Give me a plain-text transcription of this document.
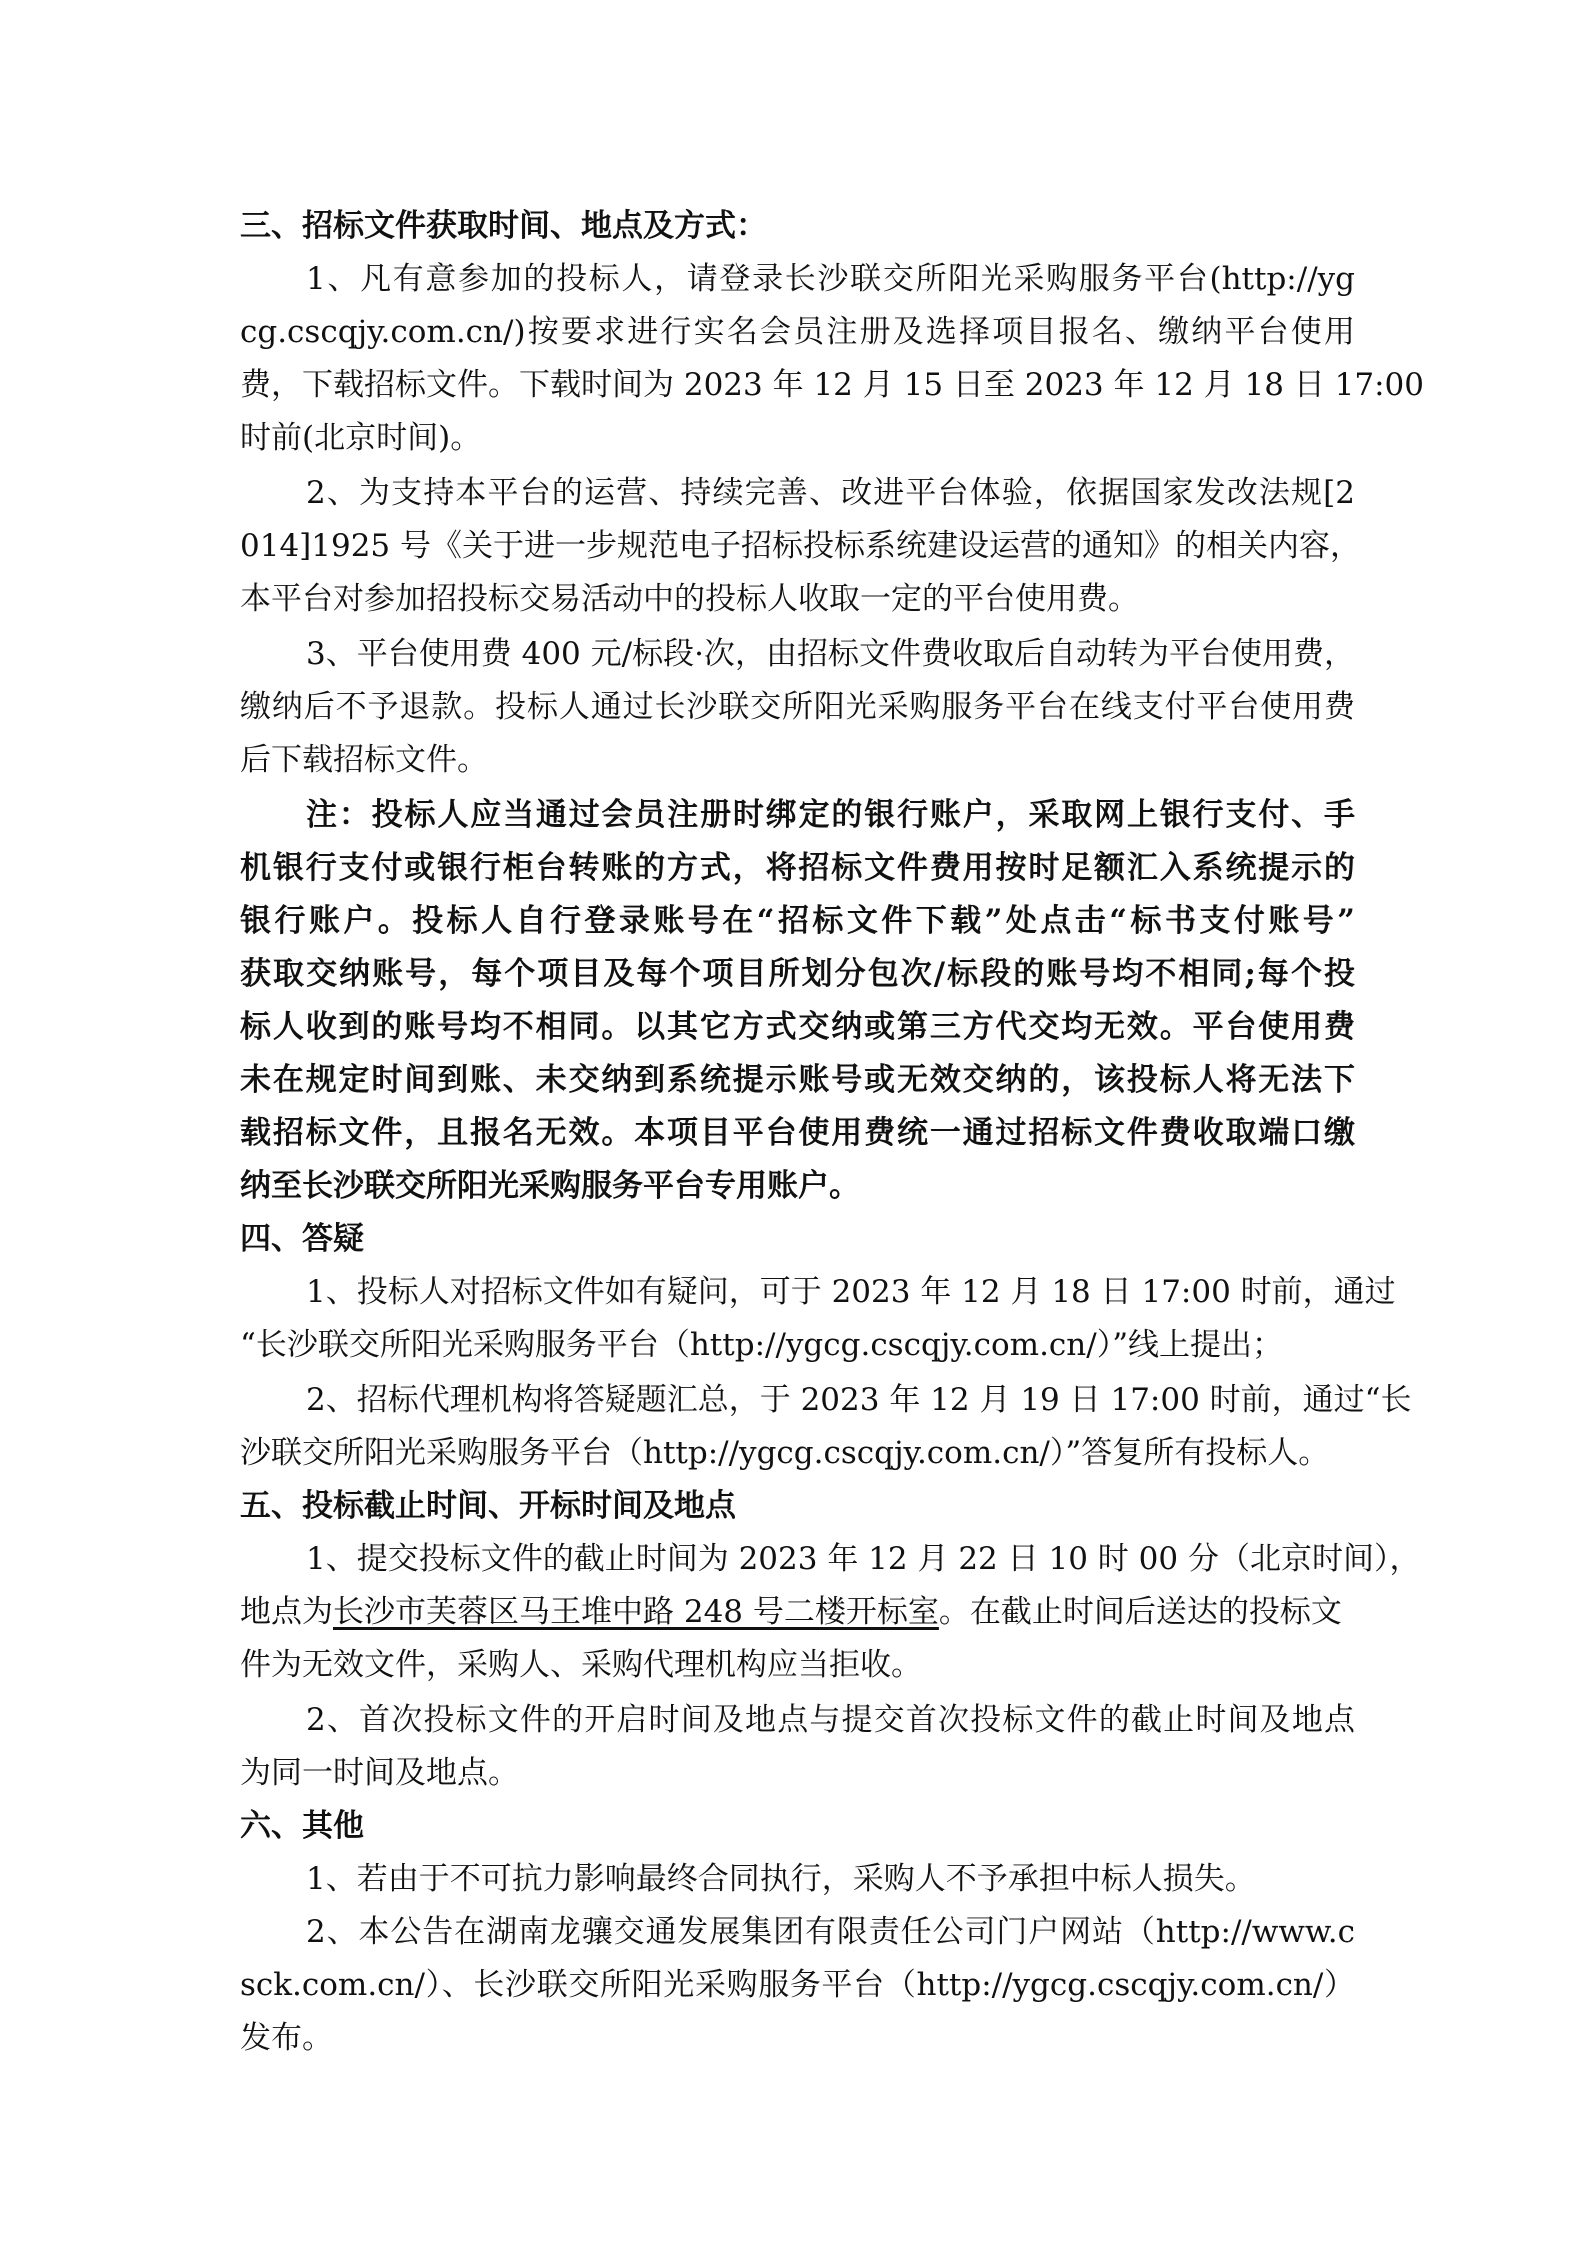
三、招标文件获取时间、地点及方式：
1、凡有意参加的投标人，请登录长沙联交所阳光采购服务平台(http://yg
cg.cscqjy.com.cn/)按要求进行实名会员注册及选择项目报名、缴纳平台使用
费，下载招标文件。下载时间为 2023 年 12 月 15 日至 2023 年 12 月 18 日 17:00
时前(北京时间)。
2、为支持本平台的运营、持续完善、改进平台体验，依据国家发改法规[2
014]1925 号《关于进一步规范电子招标投标系统建设运营的通知》的相关内容，
本平台对参加招投标交易活动中的投标人收取一定的平台使用费。
3、平台使用费 400 元/标段·次，由招标文件费收取后自动转为平台使用费，
缴纳后不予退款。投标人通过长沙联交所阳光采购服务平台在线支付平台使用费
后下载招标文件。
注：投标人应当通过会员注册时绑定的银行账户，采取网上银行支付、手
机银行支付或银行柜台转账的方式，将招标文件费用按时足额汇入系统提示的
银行账户。投标人自行登录账号在“招标文件下载”处点击“标书支付账号”
获取交纳账号，每个项目及每个项目所划分包次/标段的账号均不相同;每个投
标人收到的账号均不相同。以其它方式交纳或第三方代交均无效。平台使用费
未在规定时间到账、未交纳到系统提示账号或无效交纳的，该投标人将无法下
载招标文件，且报名无效。本项目平台使用费统一通过招标文件费收取端口缴
纳至长沙联交所阳光采购服务平台专用账户。
四、答疑
1、投标人对招标文件如有疑问，可于 2023 年 12 月 18 日 17:00 时前，通过
“长沙联交所阳光采购服务平台（http://ygcg.cscqjy.com.cn/）”线上提出；
2、招标代理机构将答疑题汇总，于 2023 年 12 月 19 日 17:00 时前，通过“长
沙联交所阳光采购服务平台（http://ygcg.cscqjy.com.cn/）”答复所有投标人。
五、投标截止时间、开标时间及地点
1、提交投标文件的截止时间为 2023 年 12 月 22 日 10 时 00 分（北京时间），
地点为长沙市芙蓉区马王堆中路 248 号二楼开标室。在截止时间后送达的投标文
件为无效文件，采购人、采购代理机构应当拒收。
2、首次投标文件的开启时间及地点与提交首次投标文件的截止时间及地点
为同一时间及地点。
六、其他
1、若由于不可抗力影响最终合同执行，采购人不予承担中标人损失。
2、本公告在湖南龙骧交通发展集团有限责任公司门户网站（http://www.c
sck.com.cn/）、长沙联交所阳光采购服务平台（http://ygcg.cscqjy.com.cn/）
发布。
